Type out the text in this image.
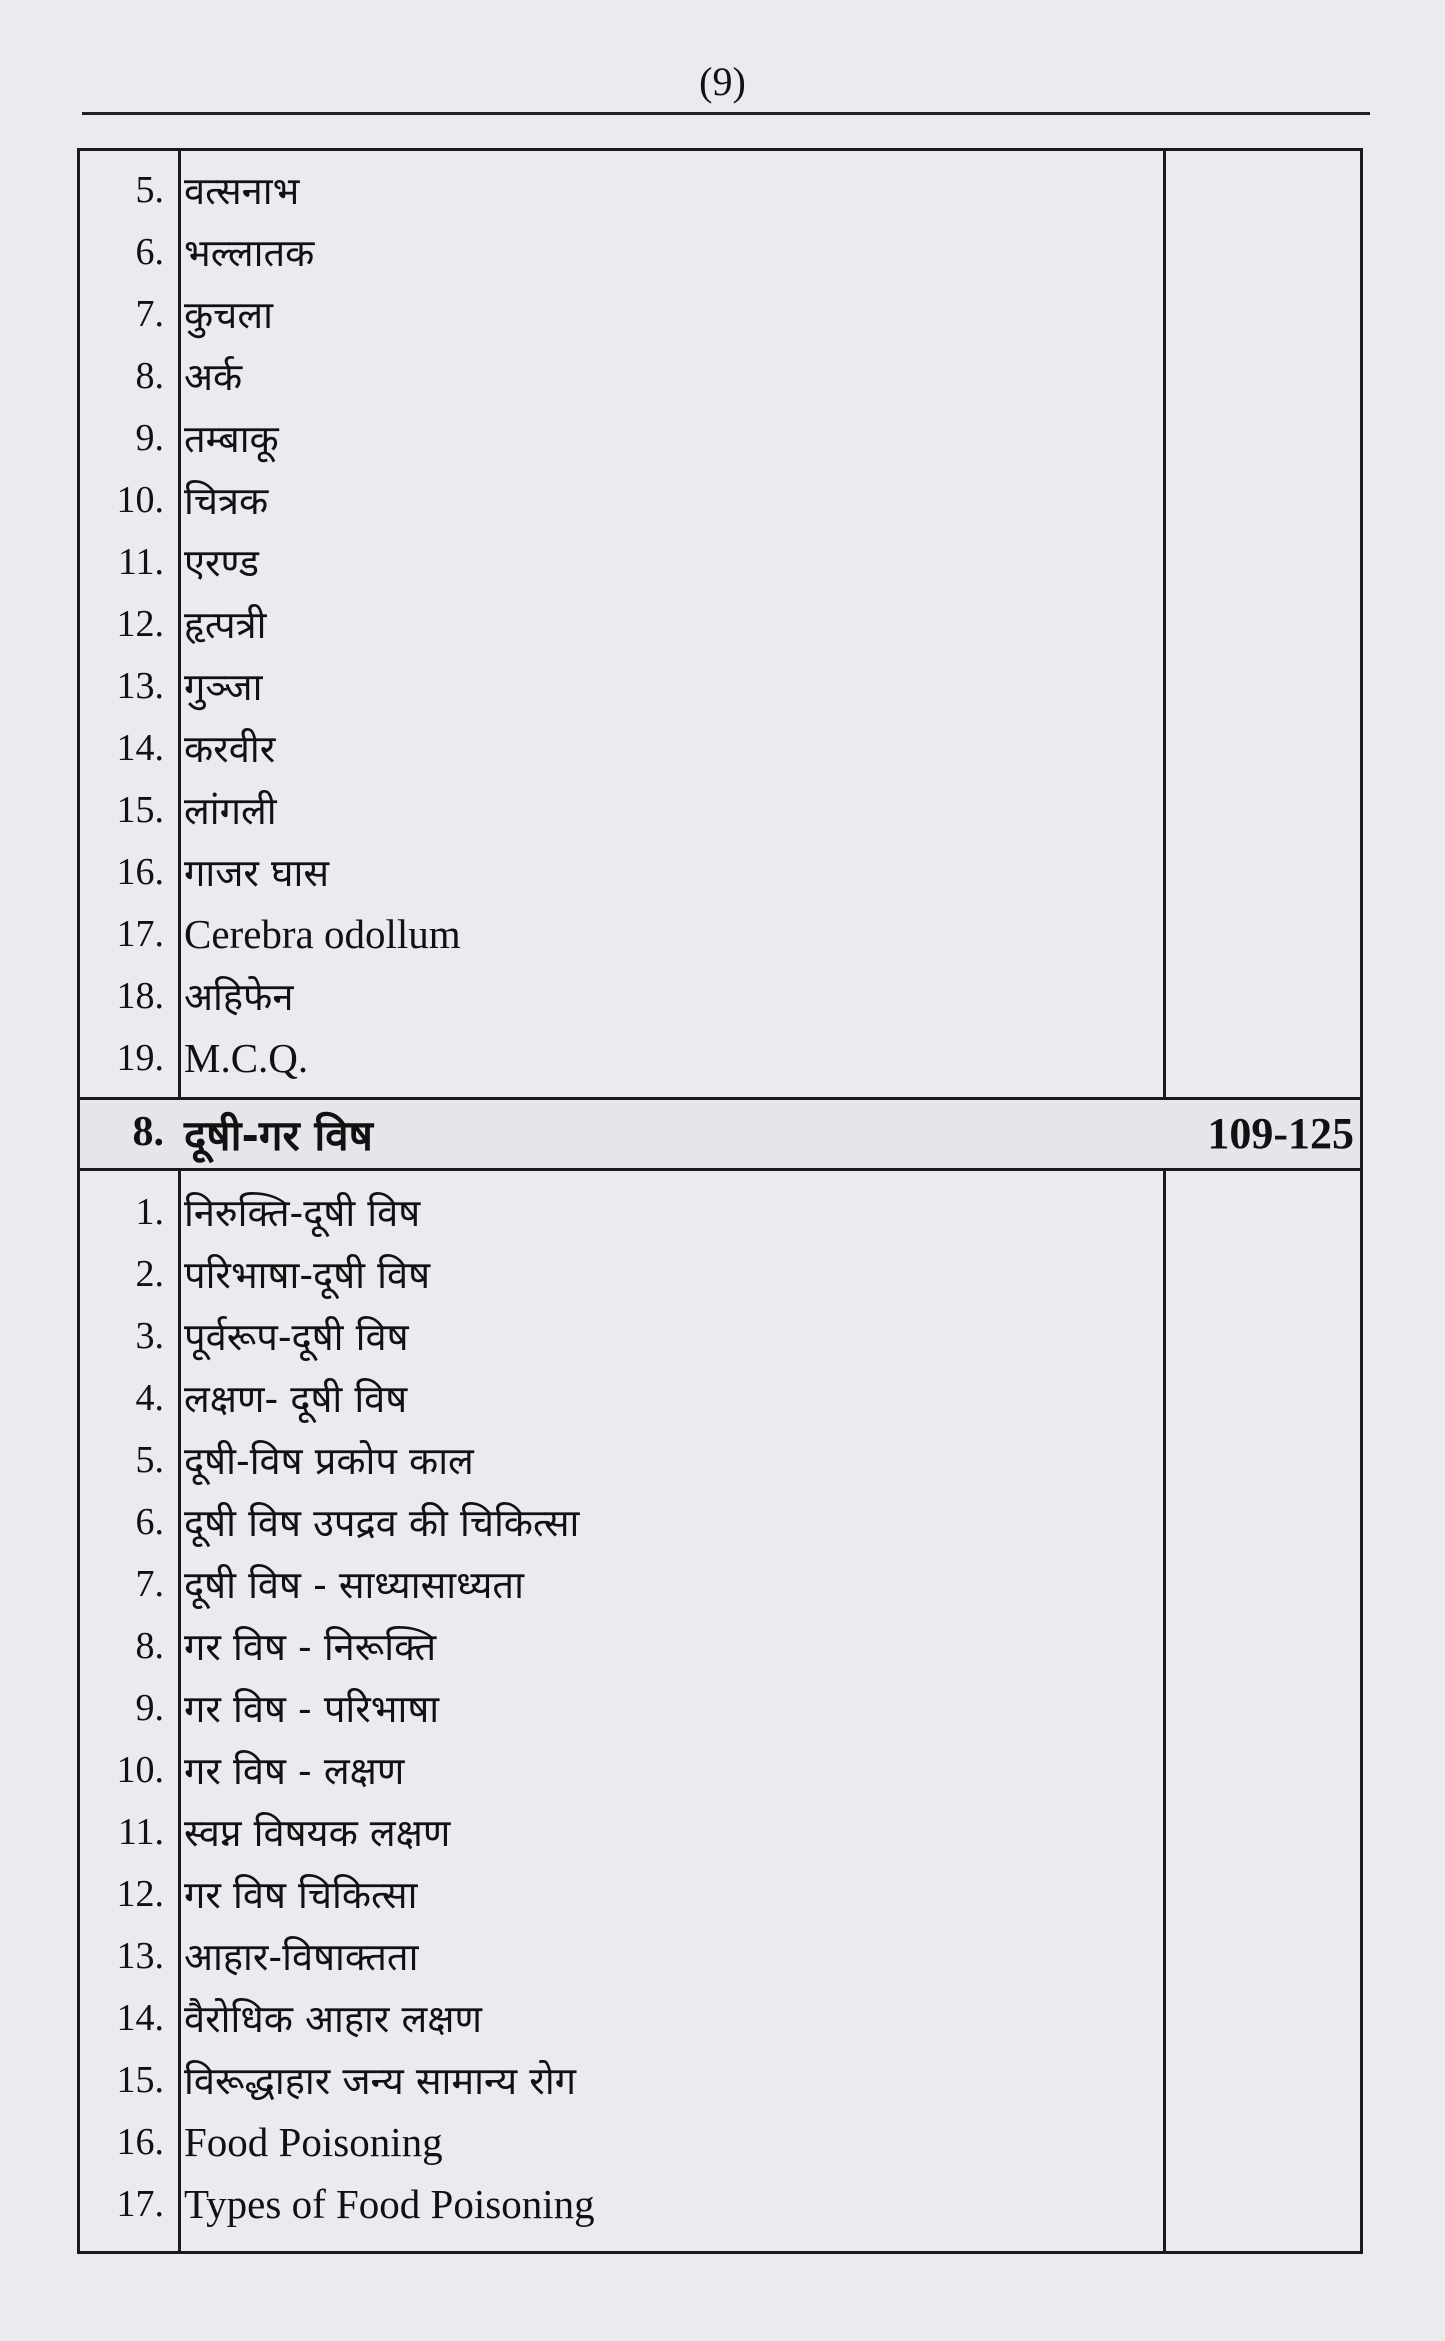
(9)
5. वत्सनाभ
6. भल्लातक
7. कुचला
8. अर्क
9. तम्बाकू
10. चित्रक
11. एरण्ड
12. हृत्पत्री
13. गुञ्जा
14. करवीर
15. लांगली
16. गाजर घास
17. Cerebra odollum
18. अहिफेन
19. M.C.Q.
8. दूषी-गर विष	109-125
1. निरुक्ति-दूषी विष
2. परिभाषा-दूषी विष
3. पूर्वरूप-दूषी विष
4. लक्षण- दूषी विष
5. दूषी-विष प्रकोप काल
6. दूषी विष उपद्रव की चिकित्सा
7. दूषी विष - साध्यासाध्यता
8. गर विष - निरूक्ति
9. गर विष - परिभाषा
10. गर विष - लक्षण
11. स्वप्न विषयक लक्षण
12. गर विष चिकित्सा
13. आहार-विषाक्तता
14. वैरोधिक आहार लक्षण
15. विरूद्धाहार जन्य सामान्य रोग
16. Food Poisoning
17. Types of Food Poisoning
